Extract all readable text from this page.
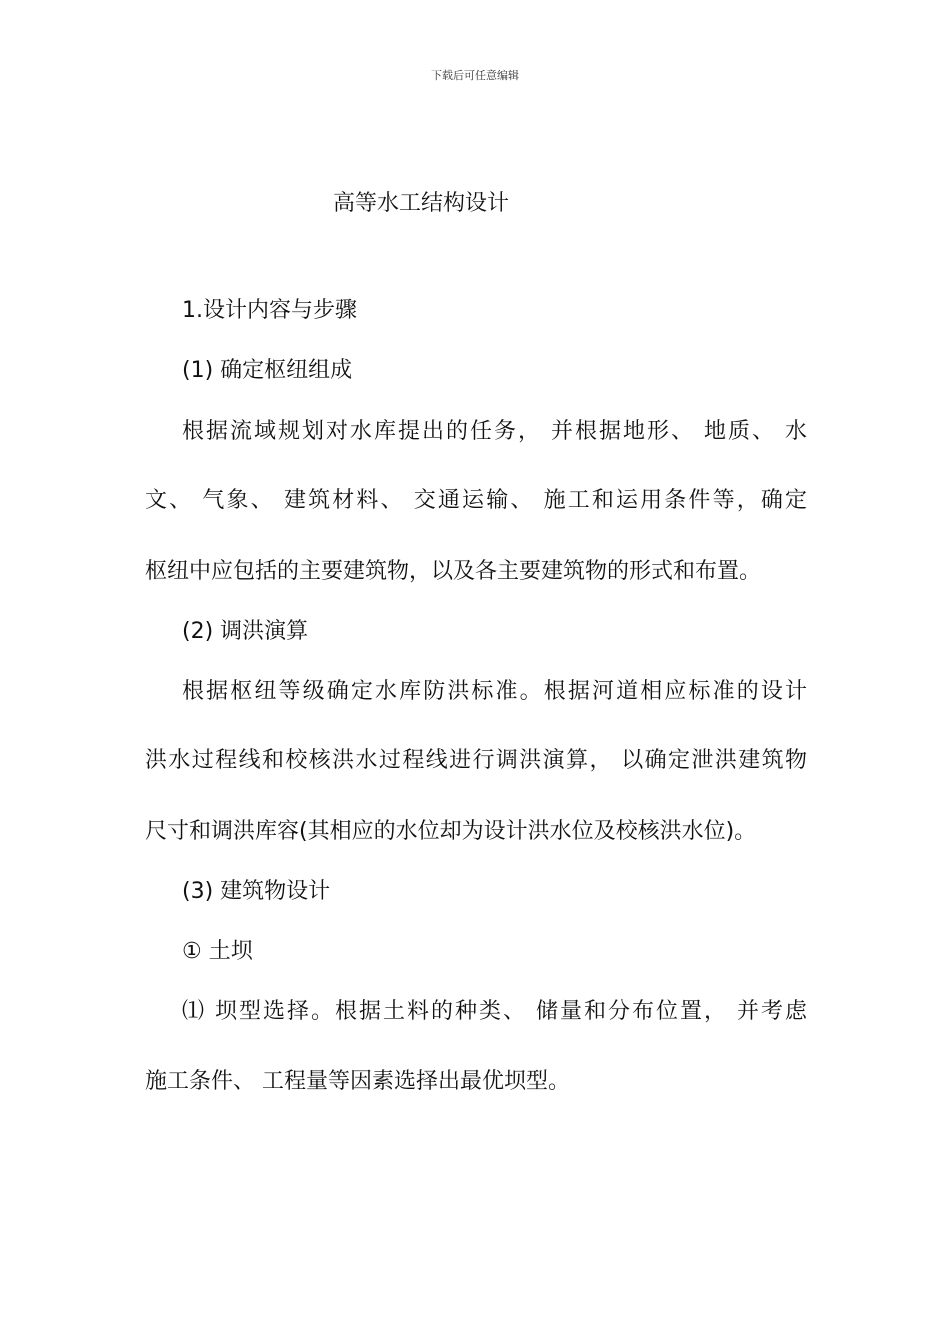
下载后可任意编辑
高等水工结构设计
1.设计内容与步骤
(1) 确定枢纽组成
根据流域规划对水库提出的任务， 并根据地形、 地质、 水
文、 气象、 建筑材料、 交通运输、 施工和运用条件等，确定
枢纽中应包括的主要建筑物，以及各主要建筑物的形式和布置。
(2) 调洪演算
根据枢纽等级确定水库防洪标准。根据河道相应标准的设计
洪水过程线和校核洪水过程线进行调洪演算， 以确定泄洪建筑物
尺寸和调洪库容(其相应的水位却为设计洪水位及校核洪水位)。
(3) 建筑物设计
① 土坝
⑴ 坝型选择。根据土料的种类、 储量和分布位置， 并考虑
施工条件、 工程量等因素选择出最优坝型。
